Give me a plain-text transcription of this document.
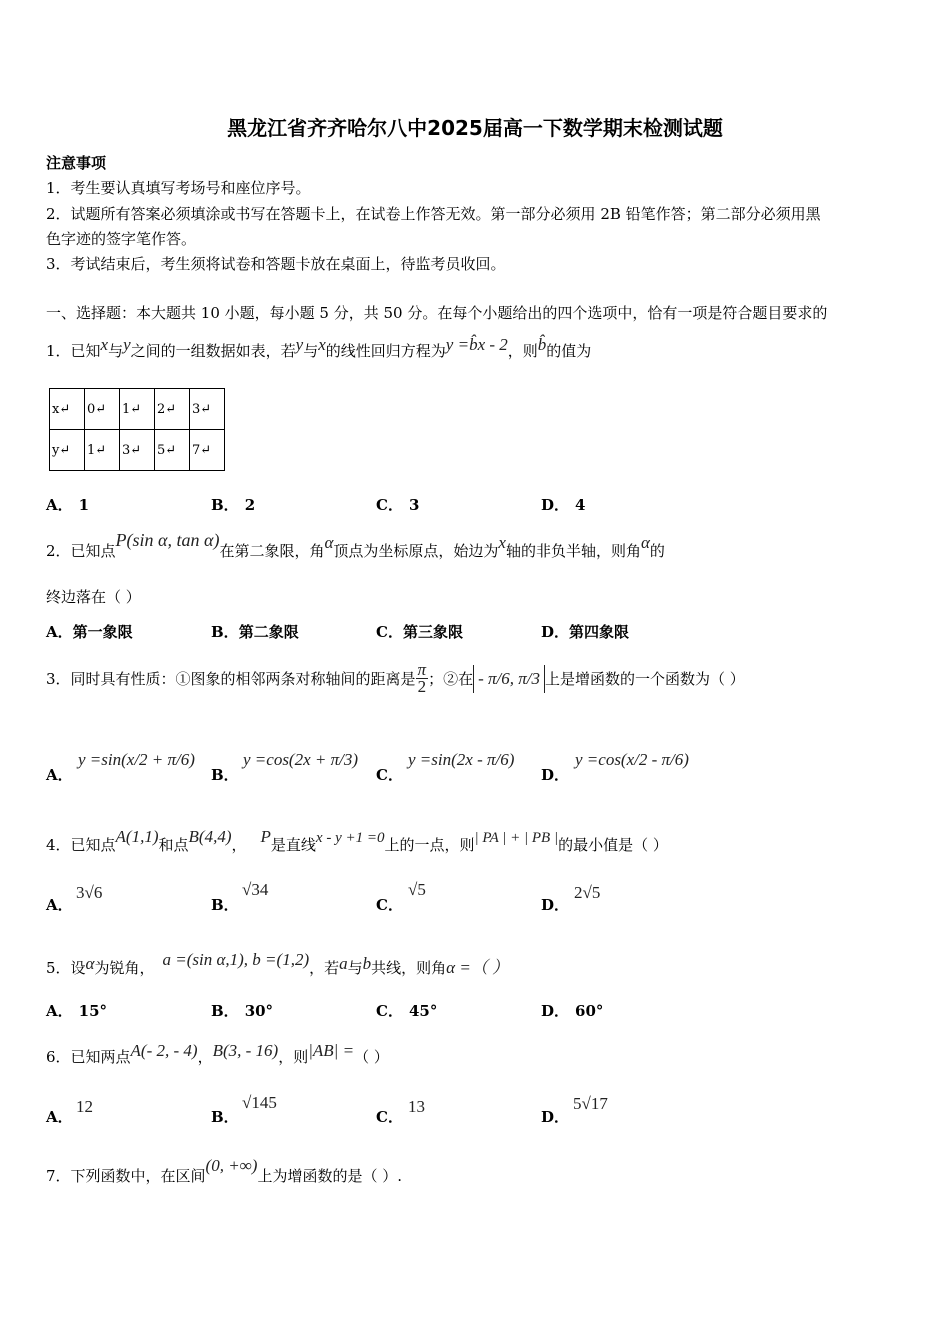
黑龙江省齐齐哈尔八中2025届高一下数学期末检测试题
注意事项
1．考生要认真填写考场号和座位序号。
2．试题所有答案必须填涂或书写在答题卡上，在试卷上作答无效。第一部分必须用 2B 铅笔作答；第二部分必须用黑
色字迹的签字笔作答。
3．考试结束后，考生须将试卷和答题卡放在桌面上，待监考员收回。
一、选择题：本大题共 10 小题，每小题 5 分，共 50 分。在每个小题给出的四个选项中，恰有一项是符合题目要求的
1．已知x与y之间的一组数据如表，若y与x的线性回归方程为y =b̂x - 2，则b̂的值为
x↵	0↵	1↵	2↵	3↵
y↵	1↵	3↵	5↵	7↵
A． 1	B． 2	C． 3	D． 4
2．已知点P(sin α, tan α)在第二象限，角α顶点为坐标原点，始边为x轴的非负半轴，则角α的
终边落在（ ）
A．第一象限	B．第二象限	C．第三象限	D．第四象限
3．同时具有性质：①图象的相邻两条对称轴间的距离是 $\frac{\pi}{2}$ ；②在 - π/6, π/3 上是增函数的一个函数为（ ）
A．
y =sin(x/2 + π/6)
B．
y =cos(2x + π/3)
C．
y =sin(2x - π/6)
D．
y =cos(x/2 - π/6)
4．已知点A(1,1)和点B(4,4)， P是直线x - y +1 =0上的一点，则| PA | + | PB |的最小值是（ ）
A．
3√6
B．
√34
C．
√5
D．
2√5
5．设α为锐角， a =(sin α,1), b =(1,2)，若a与b共线，则角α =（ ）
A． 15°	B． 30°	C． 45°	D． 60°
6．已知两点A(- 2, - 4)，B(3, - 16)，则|AB| =（ ）
A．
12
B．
√145
C．
13
D．
5√17
7．下列函数中，在区间(0, +∞)上为增函数的是（ ）.
